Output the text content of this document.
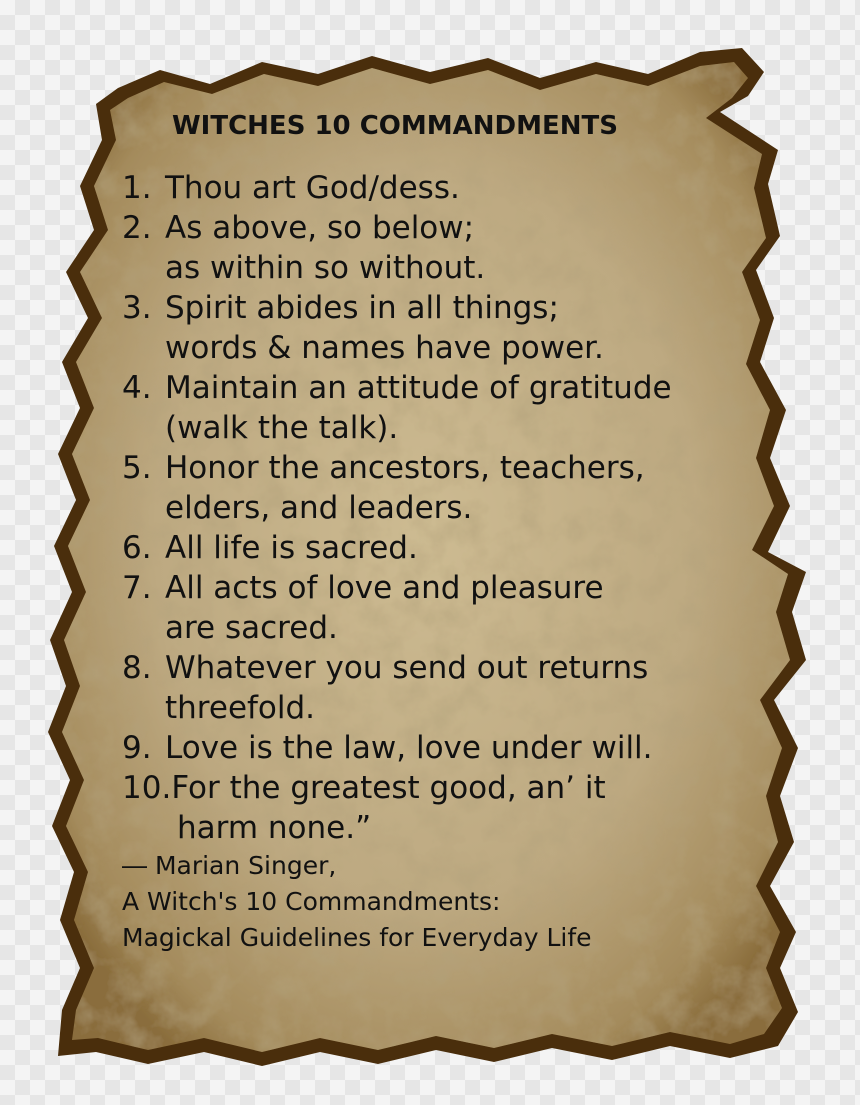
WITCHES 10 COMMANDMENTS
1. Thou art God/dess.
2. As above, so below;
as within so without.
3. Spirit abides in all things;
words & names have power.
4. Maintain an attitude of gratitude
(walk the talk).
5. Honor the ancestors, teachers,
elders, and leaders.
6. All life is sacred.
7. All acts of love and pleasure
are sacred.
8. Whatever you send out returns
threefold.
9. Love is the law, love under will.
10.For the greatest good, an’ it
harm none.”
― Marian Singer,
A Witch's 10 Commandments:
Magickal Guidelines for Everyday Life
